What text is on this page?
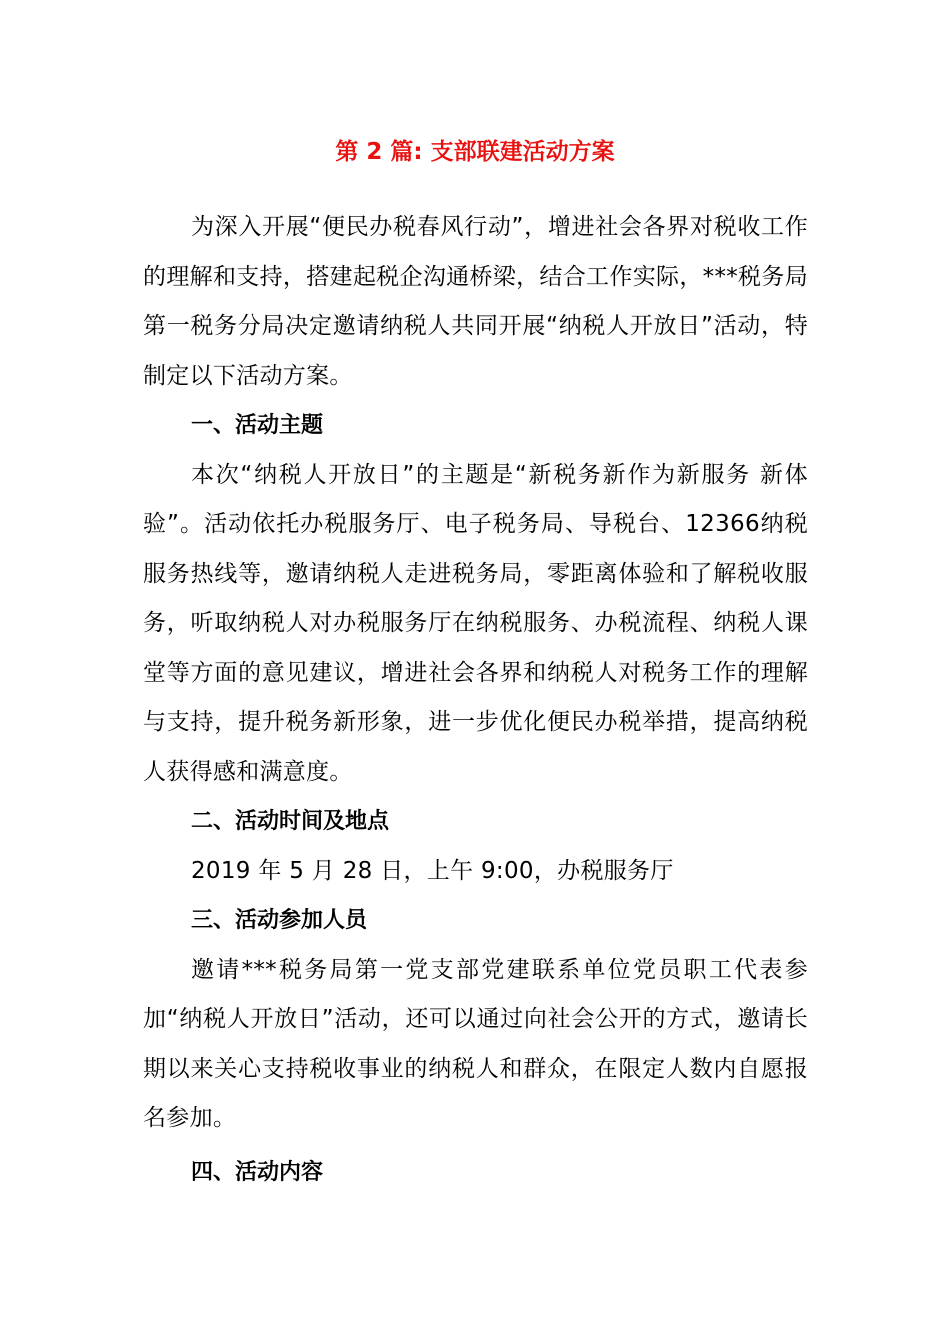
第 2 篇: 支部联建活动方案

为深入开展“便民办税春风行动”，增进社会各界对税收工作的理解和支持，搭建起税企沟通桥梁，结合工作实际，***税务局第一税务分局决定邀请纳税人共同开展“纳税人开放日”活动，特制定以下活动方案。

一、活动主题

本次“纳税人开放日”的主题是“新税务新作为新服务 新体验”。活动依托办税服务厅、电子税务局、导税台、12366纳税服务热线等，邀请纳税人走进税务局，零距离体验和了解税收服务，听取纳税人对办税服务厅在纳税服务、办税流程、纳税人课堂等方面的意见建议，增进社会各界和纳税人对税务工作的理解与支持，提升税务新形象，进一步优化便民办税举措，提高纳税人获得感和满意度。

二、活动时间及地点

2019 年 5 月 28 日，上午 9:00，办税服务厅

三、活动参加人员

邀请***税务局第一党支部党建联系单位党员职工代表参加“纳税人开放日”活动，还可以通过向社会公开的方式，邀请长期以来关心支持税收事业的纳税人和群众，在限定人数内自愿报名参加。

四、活动内容
